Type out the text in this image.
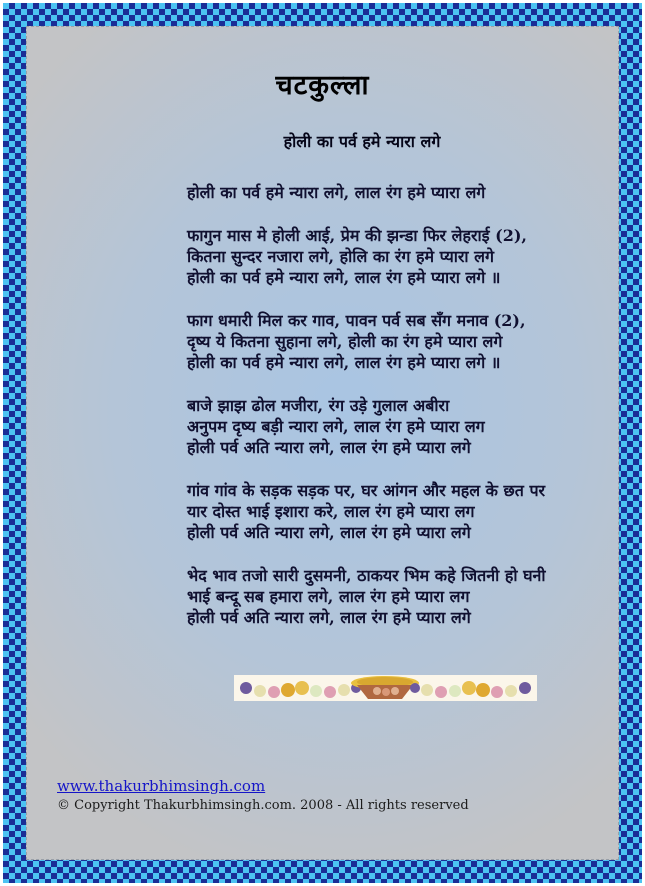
चटकुल्ला
होली का पर्व हमे न्यारा लगे
होली का पर्व हमे न्यारा लगे, लाल रंग हमे प्यारा लगे
फागुन मास मे होली आई, प्रेम की झन्डा फिर लेहराई (2),
कितना सुन्दर नजारा लगे, होलि का रंग हमे प्यारा लगे
होली का पर्व हमे न्यारा लगे, लाल रंग हमे प्यारा लगे ॥
फाग धमारी मिल कर गाव, पावन पर्व सब सँग मनाव (2),
दृष्य ये कितना सुहाना लगे, होली का रंग हमे प्यारा लगे
होली का पर्व हमे न्यारा लगे, लाल रंग हमे प्यारा लगे ॥
बाजे झाझ ढोल मजीरा, रंग उड़े गुलाल अबीरा
अनुपम दृष्य बड़ी न्यारा लगे, लाल रंग हमे प्यारा लग
होली पर्व अति न्यारा लगे, लाल रंग हमे प्यारा लगे
गांव गांव के सड़क सड़क पर, घर आंगन और महल के छत पर
यार दोस्त भाई इशारा करे, लाल रंग हमे प्यारा लग
होली पर्व अति न्यारा लगे, लाल रंग हमे प्यारा लगे
भेद भाव तजो सारी दुसमनी, ठाकयर भिम कहे जितनी हो घनी
भाई बन्दू सब हमारा लगे, लाल रंग हमे प्यारा लग
होली पर्व अति न्यारा लगे, लाल रंग हमे प्यारा लगे
www.thakurbhimsingh.com
© Copyright Thakurbhimsingh.com. 2008 - All rights reserved
